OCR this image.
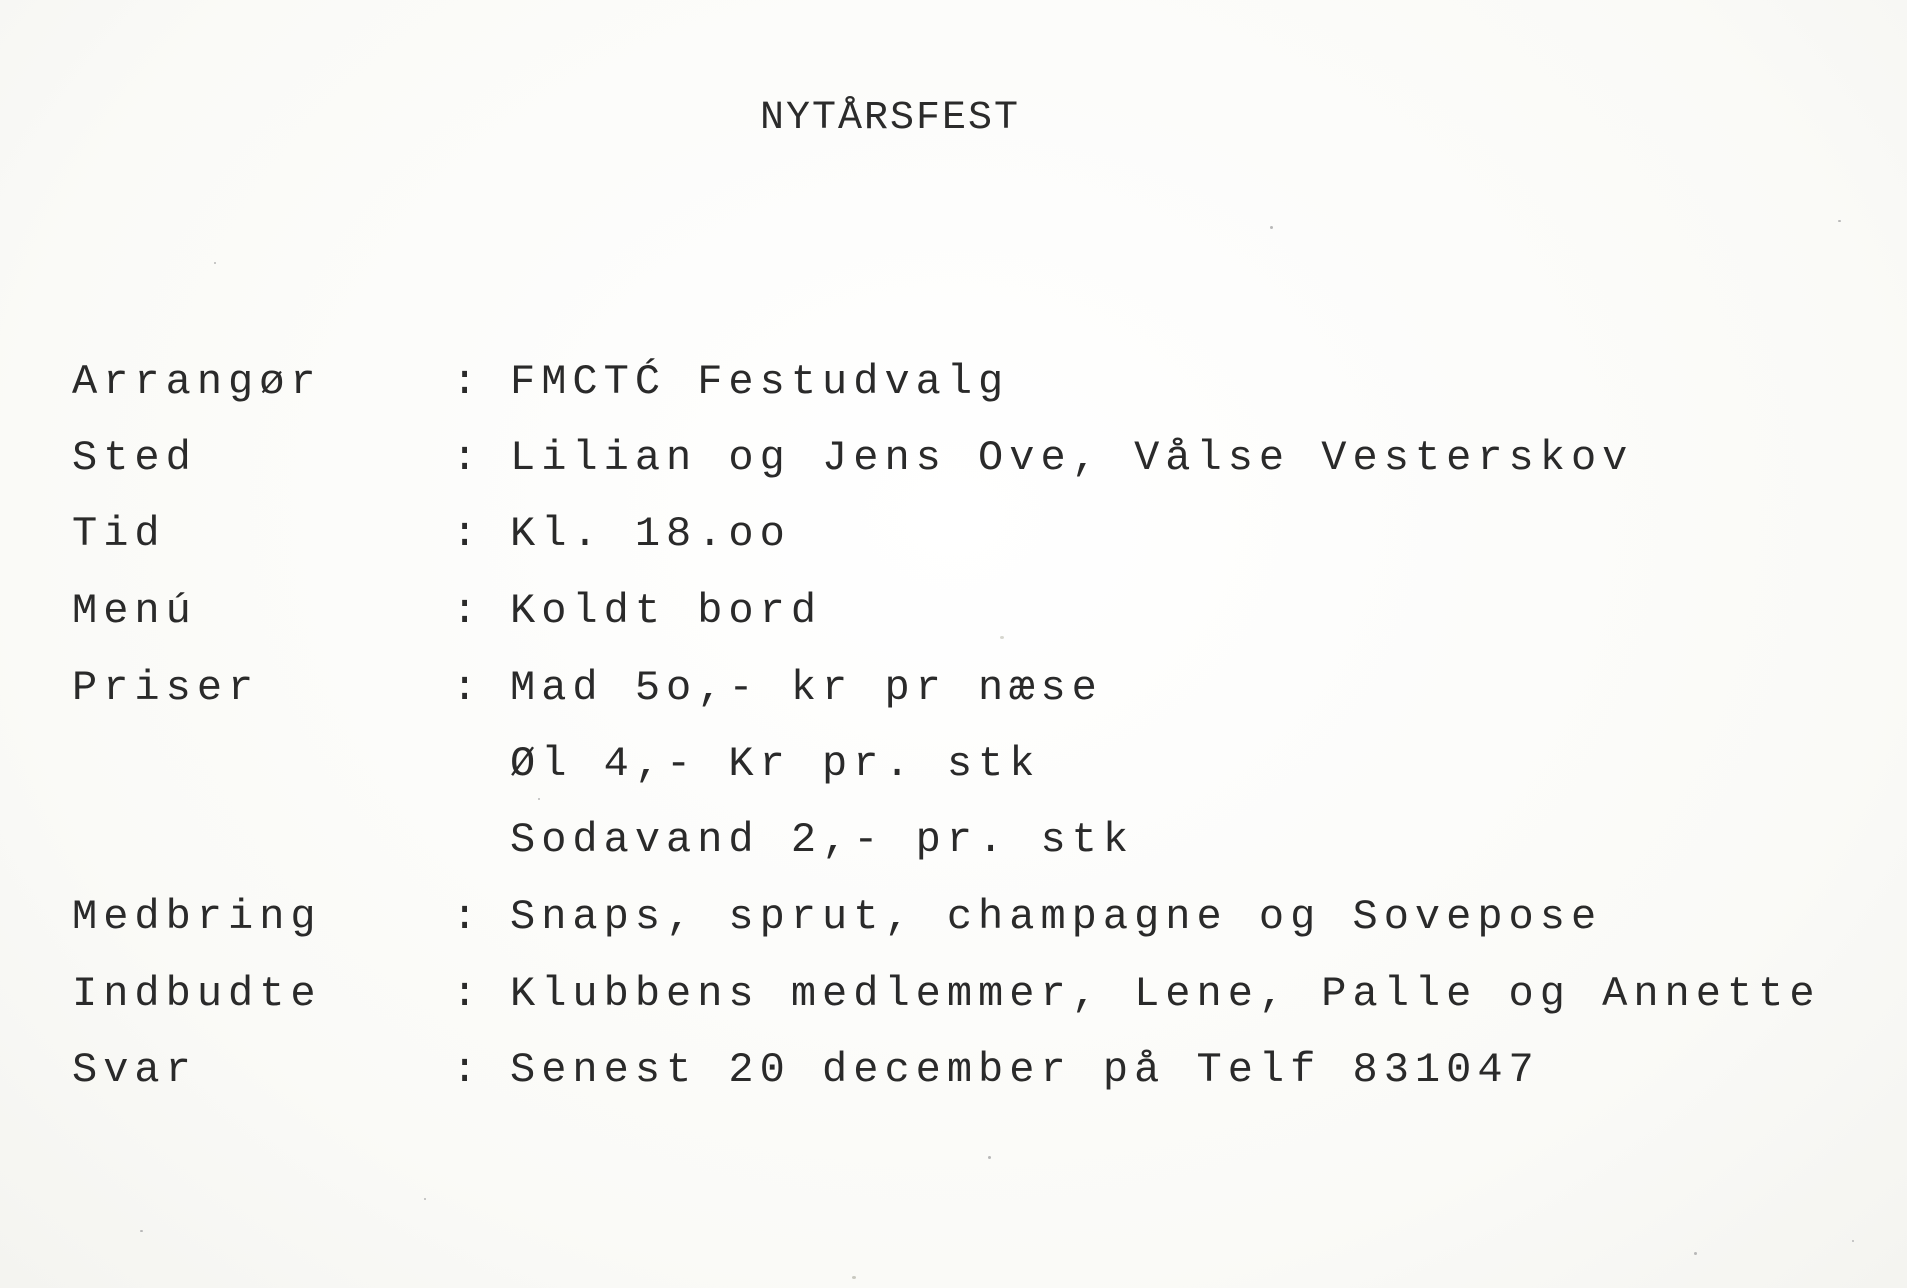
NYTÅRSFEST
Arrangør	: FMCTĆ Festudvalg
Sted	: Lilian og Jens Ove, Vålse Vesterskov
Tid	: Kl. 18.oo
Menú	: Koldt bord
Priser	: Mad 5o,- kr pr næse
Øl 4,- Kr pr. stk
Sodavand 2,- pr. stk
Medbring	: Snaps, sprut, champagne og Sovepose
Indbudte	: Klubbens medlemmer, Lene, Palle og Annette
Svar	: Senest 20 december på Telf 831047
